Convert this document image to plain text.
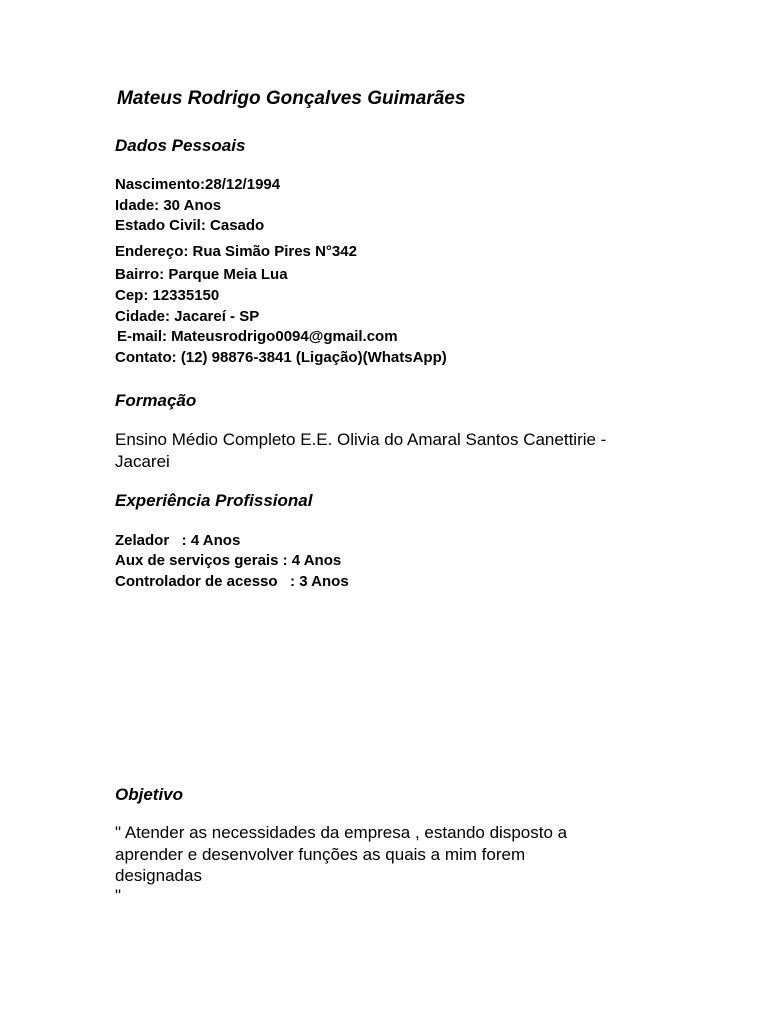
Mateus Rodrigo Gonçalves Guimarães
Dados Pessoais
Nascimento:28/12/1994
Idade: 30 Anos
Estado Civil: Casado
Endereço: Rua Simão Pires N°342
Bairro: Parque Meia Lua
Cep: 12335150
Cidade: Jacareí - SP
E-mail: Mateusrodrigo0094@gmail.com
Contato: (12) 98876-3841 (Ligação)(WhatsApp)
Formação
Ensino Médio Completo E.E. Olivia do Amaral Santos Canettirie -
Jacarei
Experiência Profissional
Zelador   : 4 Anos
Aux de serviços gerais : 4 Anos
Controlador de acesso   : 3 Anos
Objetivo
" Atender as necessidades da empresa , estando disposto a
aprender e desenvolver funções as quais a mim forem
designadas
"
